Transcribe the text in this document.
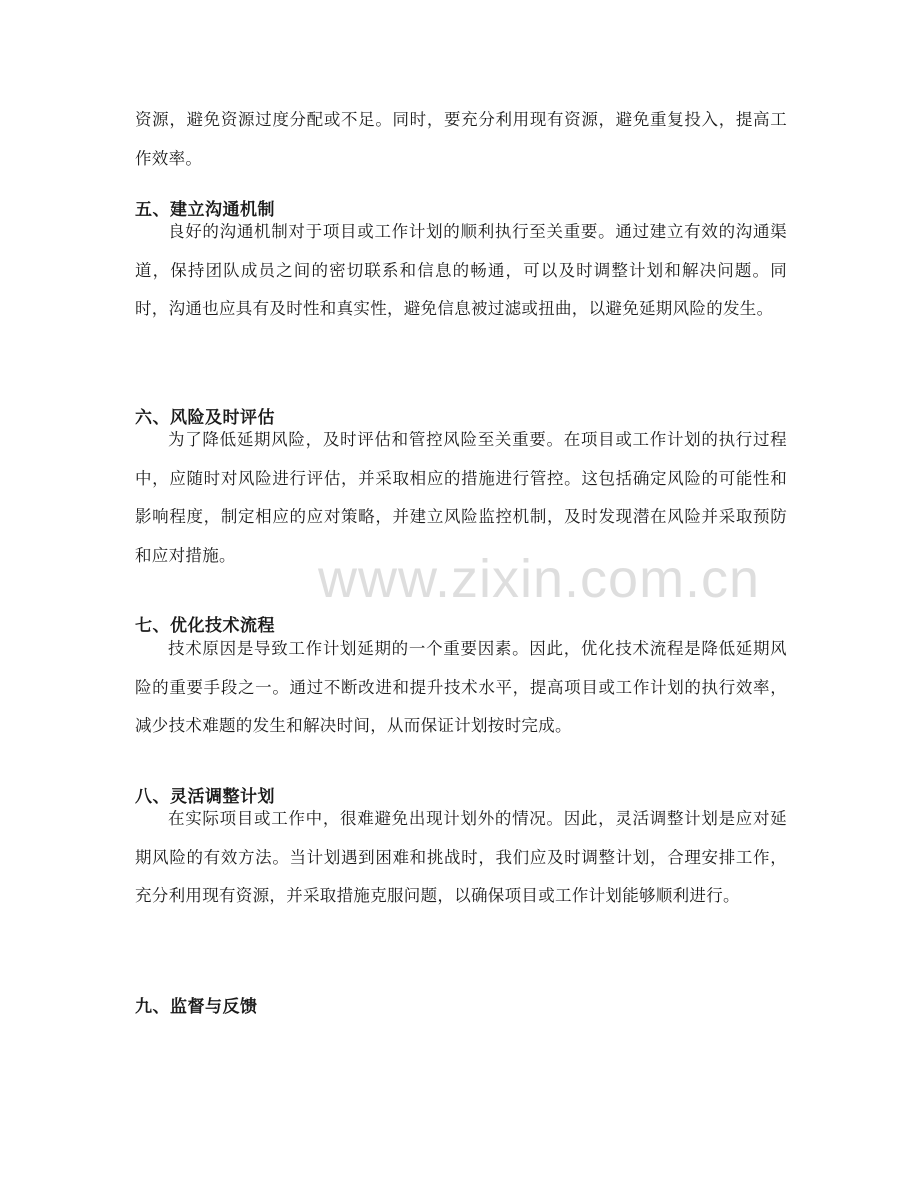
资源，避免资源过度分配或不足。同时，要充分利用现有资源，避免重复投入，提高工作效率。

五、建立沟通机制

良好的沟通机制对于项目或工作计划的顺利执行至关重要。通过建立有效的沟通渠道，保持团队成员之间的密切联系和信息的畅通，可以及时调整计划和解决问题。同时，沟通也应具有及时性和真实性，避免信息被过滤或扭曲，以避免延期风险的发生。

六、风险及时评估

为了降低延期风险，及时评估和管控风险至关重要。在项目或工作计划的执行过程中，应随时对风险进行评估，并采取相应的措施进行管控。这包括确定风险的可能性和影响程度，制定相应的应对策略，并建立风险监控机制，及时发现潜在风险并采取预防和应对措施。

七、优化技术流程

技术原因是导致工作计划延期的一个重要因素。因此，优化技术流程是降低延期风险的重要手段之一。通过不断改进和提升技术水平，提高项目或工作计划的执行效率，减少技术难题的发生和解决时间，从而保证计划按时完成。

八、灵活调整计划

在实际项目或工作中，很难避免出现计划外的情况。因此，灵活调整计划是应对延期风险的有效方法。当计划遇到困难和挑战时，我们应及时调整计划，合理安排工作，充分利用现有资源，并采取措施克服问题，以确保项目或工作计划能够顺利进行。

九、监督与反馈
www.zixin.com.cn
